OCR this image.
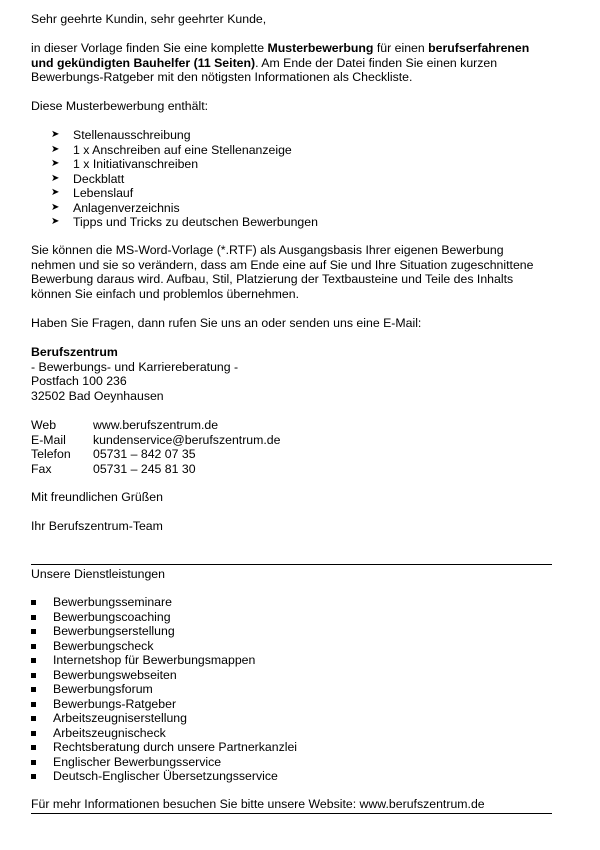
Sehr geehrte Kundin, sehr geehrter Kunde,

in dieser Vorlage finden Sie eine komplette Musterbewerbung für einen berufserfahrenen
und gekündigten Bauhelfer (11 Seiten). Am Ende der Datei finden Sie einen kurzen
Bewerbungs-Ratgeber mit den nötigsten Informationen als Checkliste.

Diese Musterbewerbung enthält:

➤ Stellenausschreibung
➤ 1 x Anschreiben auf eine Stellenanzeige
➤ 1 x Initiativanschreiben
➤ Deckblatt
➤ Lebenslauf
➤ Anlagenverzeichnis
➤ Tipps und Tricks zu deutschen Bewerbungen
Sie können die MS-Word-Vorlage (*.RTF) als Ausgangsbasis Ihrer eigenen Bewerbung
nehmen und sie so verändern, dass am Ende eine auf Sie und Ihre Situation zugeschnittene
Bewerbung daraus wird. Aufbau, Stil, Platzierung der Textbausteine und Teile des Inhalts
können Sie einfach und problemlos übernehmen.

Haben Sie Fragen, dann rufen Sie uns an oder senden uns eine E-Mail:

Berufszentrum
- Bewerbungs- und Karriereberatung -
Postfach 100 236
32502 Bad Oeynhausen
Web	www.berufszentrum.de
E-Mail	kundenservice@berufszentrum.de
Telefon	05731 – 842 07 35
Fax	05731 – 245 81 30

Mit freundlichen Grüßen

Ihr Berufszentrum-Team

Unsere Dienstleistungen

Bewerbungsseminare
Bewerbungscoaching
Bewerbungserstellung
Bewerbungscheck
Internetshop für Bewerbungsmappen
Bewerbungswebseiten
Bewerbungsforum
Bewerbungs-Ratgeber
Arbeitszeugniserstellung
Arbeitszeugnischeck
Rechtsberatung durch unsere Partnerkanzlei
Englischer Bewerbungsservice
Deutsch-Englischer Übersetzungsservice

Für mehr Informationen besuchen Sie bitte unsere Website: www.berufszentrum.de
